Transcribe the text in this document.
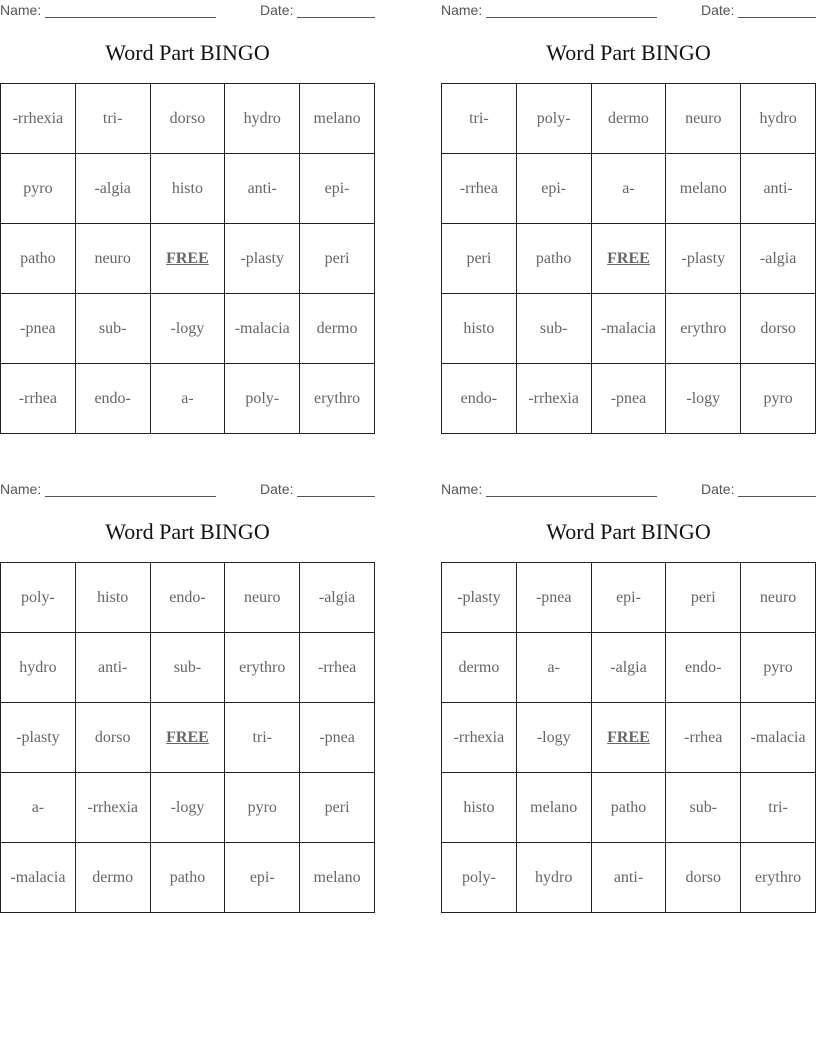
Name:	Date:
Word Part BINGO
-rrhexia	tri-	dorso	hydro	melano
pyro	-algia	histo	anti-	epi-
patho	neuro	FREE	-plasty	peri
-pnea	sub-	-logy	-malacia	dermo
-rrhea	endo-	a-	poly-	erythro
Name:	Date:
Word Part BINGO
tri-	poly-	dermo	neuro	hydro
-rrhea	epi-	a-	melano	anti-
peri	patho	FREE	-plasty	-algia
histo	sub-	-malacia	erythro	dorso
endo-	-rrhexia	-pnea	-logy	pyro
Name:	Date:
Word Part BINGO
poly-	histo	endo-	neuro	-algia
hydro	anti-	sub-	erythro	-rrhea
-plasty	dorso	FREE	tri-	-pnea
a-	-rrhexia	-logy	pyro	peri
-malacia	dermo	patho	epi-	melano
Name:	Date:
Word Part BINGO
-plasty	-pnea	epi-	peri	neuro
dermo	a-	-algia	endo-	pyro
-rrhexia	-logy	FREE	-rrhea	-malacia
histo	melano	patho	sub-	tri-
poly-	hydro	anti-	dorso	erythro
